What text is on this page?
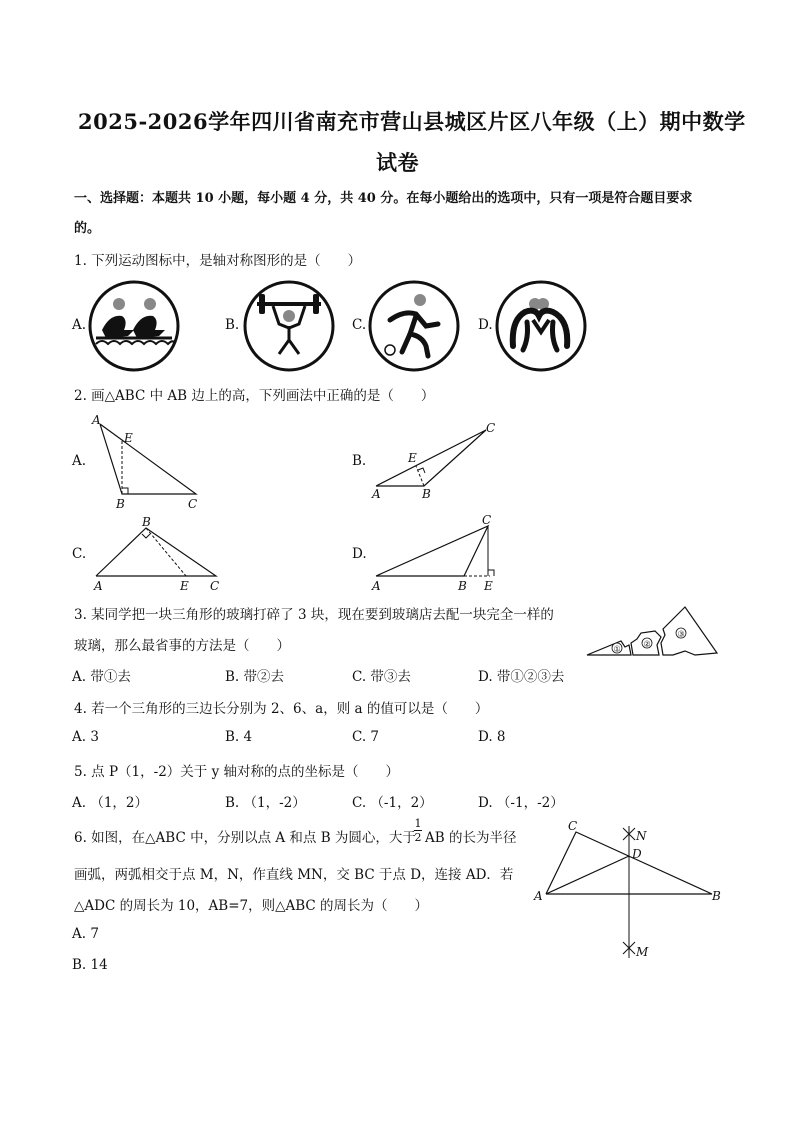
2025-2026学年四川省南充市营山县城区片区八年级（上）期中数学
试卷
一、选择题：本题共 10 小题，每小题 4 分，共 40 分。在每小题给出的选项中，只有一项是符合题目要求
的。
1. 下列运动图标中，是轴对称图形的是（　　）
A.	B.	C.	D.
2. 画△ABC 中 AB 边上的高，下列画法中正确的是（　　）
A.	B.
C.	D.
A
E
B	C
C
E
A	B
B
A	E C
C
A	B E
3. 某同学把一块三角形的玻璃打碎了 3 块，现在要到玻璃店去配一块完全一样的
玻璃，那么最省事的方法是（　　）
A. 带①去	B. 带②去	C. 带③去	D. 带①②③去
①
②
③
4. 若一个三角形的三边长分别为 2、6、a，则 a 的值可以是（　　）
A. 3	B. 4	C. 7	D. 8
5. 点 P（1，-2）关于 y 轴对称的点的坐标是（　　）
A. （1，2）	B. （1，-2）	C. （-1，2）	D. （-1，-2）
6. 如图，在△ABC 中，分别以点 A 和点 B 为圆心，大于
1
2 AB 的长为半径
画弧，两弧相交于点 M，N，作直线 MN，交 BC 于点 D，连接 AD．若
△ADC 的周长为 10，AB=7，则△ABC 的周长为（　　）
A. 7
B. 14
C
N
D
A	B
M
